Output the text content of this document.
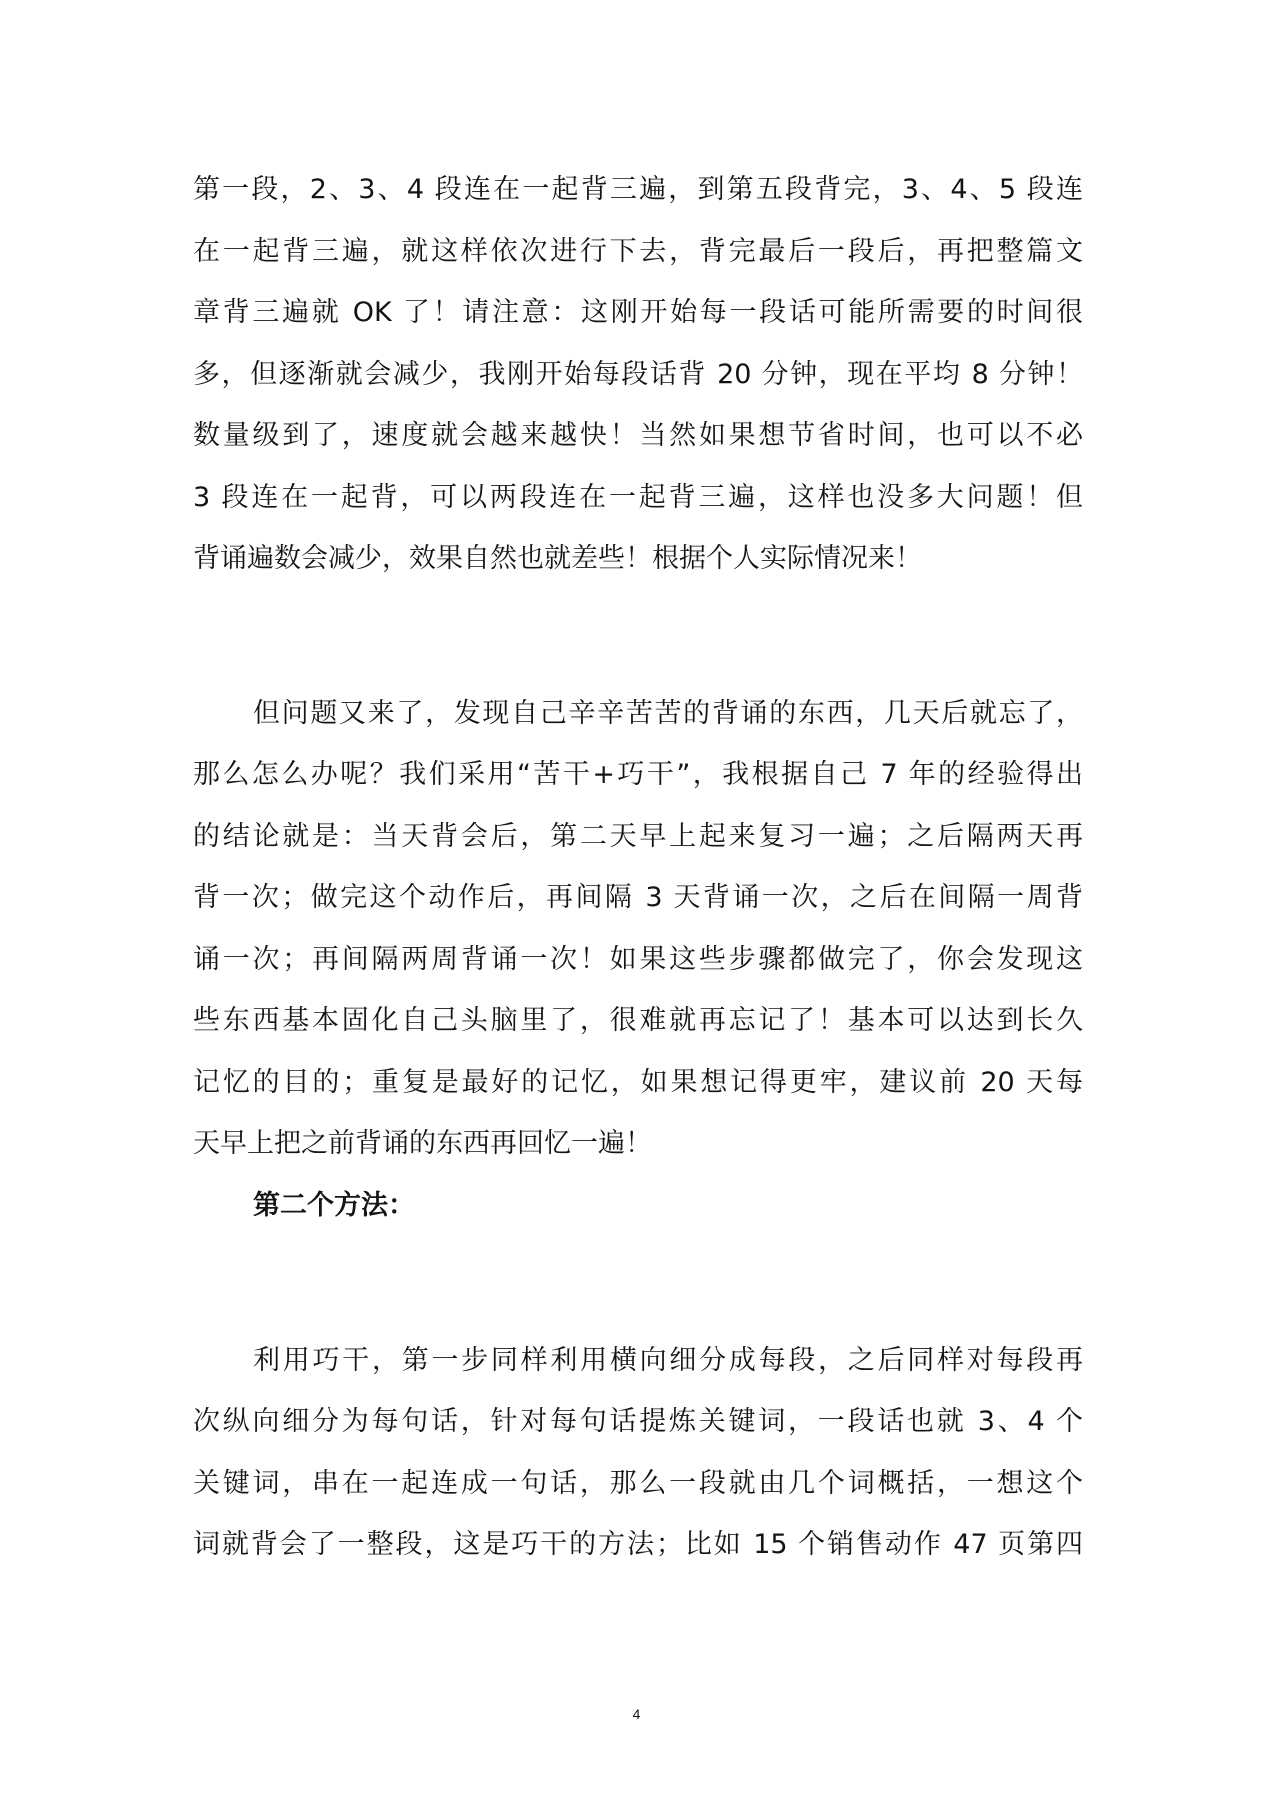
第一段，2、3、4 段连在一起背三遍，到第五段背完，3、4、5 段连
在一起背三遍，就这样依次进行下去，背完最后一段后，再把整篇文
章背三遍就 OK 了！请注意：这刚开始每一段话可能所需要的时间很
多，但逐渐就会减少，我刚开始每段话背 20 分钟，现在平均 8 分钟！
数量级到了，速度就会越来越快！当然如果想节省时间，也可以不必
3 段连在一起背，可以两段连在一起背三遍，这样也没多大问题！但
背诵遍数会减少，效果自然也就差些！根据个人实际情况来！
但问题又来了，发现自己辛辛苦苦的背诵的东西，几天后就忘了，
那么怎么办呢？我们采用“苦干+巧干”，我根据自己 7 年的经验得出
的结论就是：当天背会后，第二天早上起来复习一遍；之后隔两天再
背一次；做完这个动作后，再间隔 3 天背诵一次，之后在间隔一周背
诵一次；再间隔两周背诵一次！如果这些步骤都做完了，你会发现这
些东西基本固化自己头脑里了，很难就再忘记了！基本可以达到长久
记忆的目的；重复是最好的记忆，如果想记得更牢，建议前 20 天每
天早上把之前背诵的东西再回忆一遍！
第二个方法：
利用巧干，第一步同样利用横向细分成每段，之后同样对每段再
次纵向细分为每句话，针对每句话提炼关键词，一段话也就 3、4 个
关键词，串在一起连成一句话，那么一段就由几个词概括，一想这个
词就背会了一整段，这是巧干的方法；比如 15 个销售动作 47 页第四
4
